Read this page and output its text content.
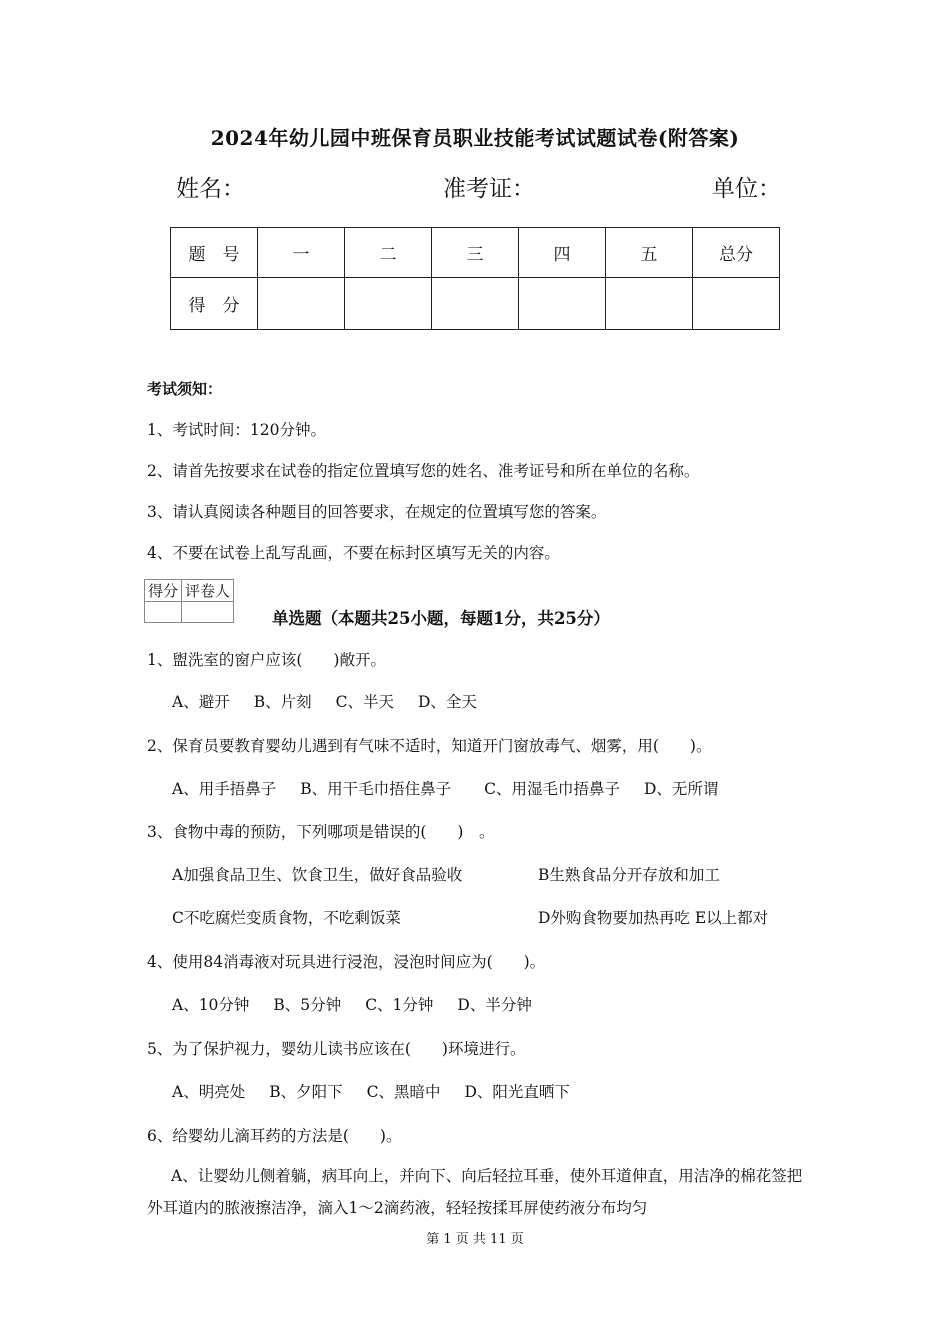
2024年幼儿园中班保育员职业技能考试试题试卷(附答案)
姓名：	准考证：	单位：
题　号	一	二	三	四	五	总分
得　分						
考试须知：
1、考试时间：120分钟。
2、请首先按要求在试卷的指定位置填写您的姓名、准考证号和所在单位的名称。
3、请认真阅读各种题目的回答要求，在规定的位置填写您的答案。
4、不要在试卷上乱写乱画，不要在标封区填写无关的内容。
得分	评卷人

单选题（本题共25小题，每题1分，共25分）
1、盥洗室的窗户应该(　　)敞开。
A、避开 B、片刻 C、半天 D、全天
2、保育员要教育婴幼儿遇到有气味不适时，知道开门窗放毒气、烟雾，用(　　)。
A、用手捂鼻子 B、用干毛巾捂住鼻子 C、用湿毛巾捂鼻子 D、无所谓
3、食物中毒的预防，下列哪项是错误的(　　)　。
A加强食品卫生、饮食卫生，做好食品验收	B生熟食品分开存放和加工
C不吃腐烂变质食物，不吃剩饭菜	D外购食物要加热再吃 E以上都对
4、使用84消毒液对玩具进行浸泡，浸泡时间应为(　　)。
A、10分钟 B、5分钟 C、1分钟 D、半分钟
5、为了保护视力，婴幼儿读书应该在(　　)环境进行。
A、明亮处 B、夕阳下 C、黑暗中 D、阳光直晒下
6、给婴幼儿滴耳药的方法是(　　)。
A、让婴幼儿侧着躺，病耳向上，并向下、向后轻拉耳垂，使外耳道伸直，用洁净的棉花签把外耳道内的脓液擦洁净，滴入1～2滴药液，轻轻按揉耳屏使药液分布均匀
第 1 页 共 11 页
